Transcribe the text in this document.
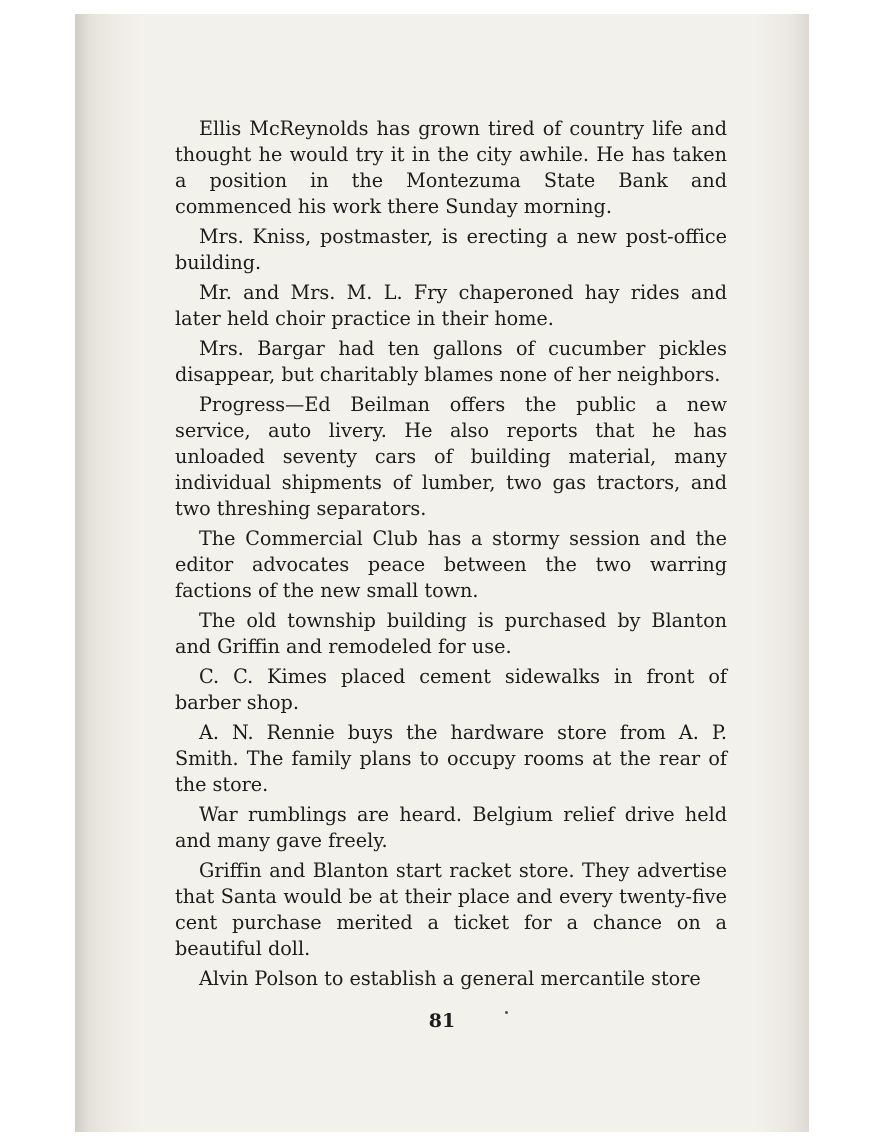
Ellis McReynolds has grown tired of country life and thought he would try it in the city awhile. He has taken a position in the Montezuma State Bank and commenced his work there Sunday morning.

Mrs. Kniss, postmaster, is erecting a new post-office building.

Mr. and Mrs. M. L. Fry chaperoned hay rides and later held choir practice in their home.

Mrs. Bargar had ten gallons of cucumber pickles disappear, but charitably blames none of her neighbors.

Progress—Ed Beilman offers the public a new service, auto livery. He also reports that he has unloaded seventy cars of building material, many individual shipments of lumber, two gas tractors, and two threshing separators.

The Commercial Club has a stormy session and the editor advocates peace between the two warring factions of the new small town.

The old township building is purchased by Blanton and Griffin and remodeled for use.

C. C. Kimes placed cement sidewalks in front of barber shop.

A. N. Rennie buys the hardware store from A. P. Smith. The family plans to occupy rooms at the rear of the store.

War rumblings are heard. Belgium relief drive held and many gave freely.

Griffin and Blanton start racket store. They advertise that Santa would be at their place and every twenty-five cent purchase merited a ticket for a chance on a beautiful doll.

Alvin Polson to establish a general mercantile store

81
